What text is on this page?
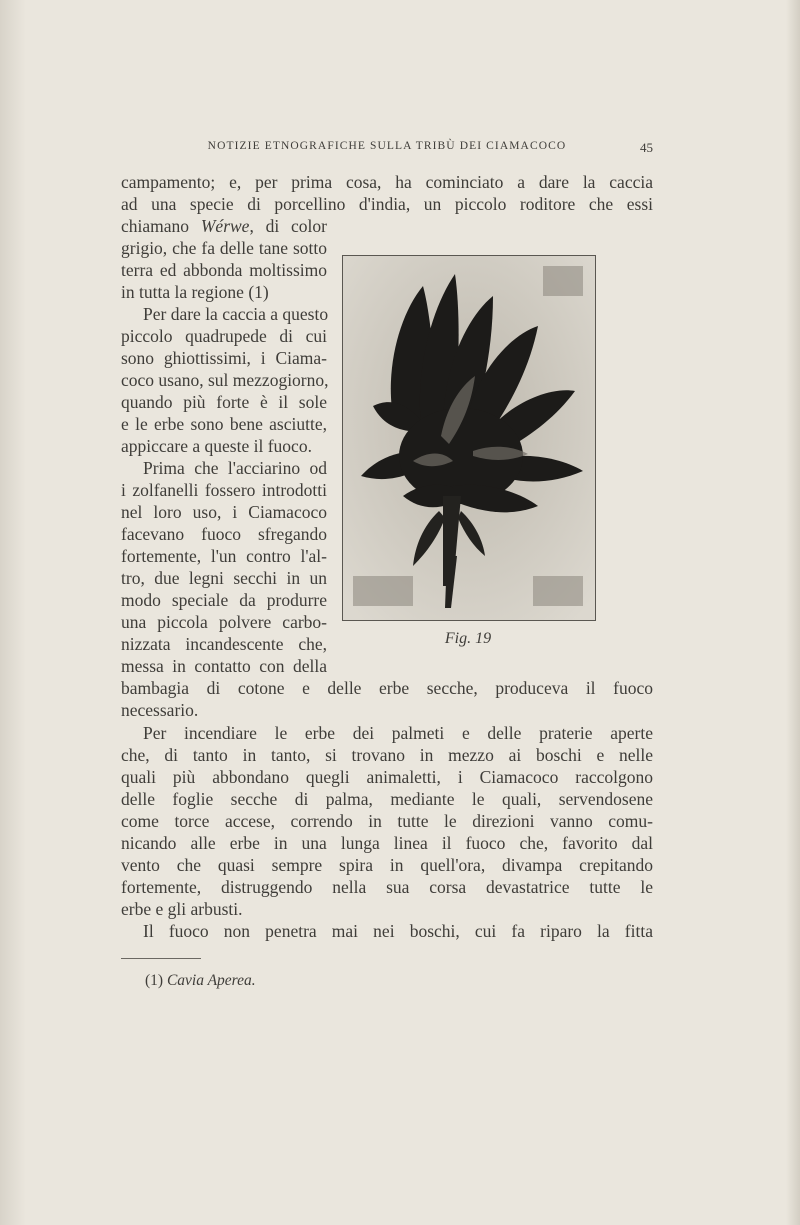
NOTIZIE ETNOGRAFICHE SULLA TRIBÙ DEI CIAMACOCO	45
campamento; e, per prima cosa, ha cominciato a dare la caccia
ad una specie di porcellino d'india, un piccolo roditore che essi
chiamano Wérwe, di color
grigio, che fa delle tane sotto
terra ed abbonda moltissimo
in tutta la regione (1)
Per dare la caccia a questo
piccolo quadrupede di cui
sono ghiottissimi, i Ciama-
coco usano, sul mezzogiorno,
quando più forte è il sole
e le erbe sono bene asciutte,
appiccare a queste il fuoco.
Prima che l'acciarino od
i zolfanelli fossero introdotti
nel loro uso, i Ciamacoco
facevano fuoco sfregando
fortemente, l'un contro l'al-
tro, due legni secchi in un
modo speciale da produrre
una piccola polvere carbo-
nizzata incandescente che,
messa in contatto con della
bambagia di cotone e delle erbe secche, produceva il fuoco
necessario.
Fig. 19
Per incendiare le erbe dei palmeti e delle praterie aperte
che, di tanto in tanto, si trovano in mezzo ai boschi e nelle
quali più abbondano quegli animaletti, i Ciamacoco raccolgono
delle foglie secche di palma, mediante le quali, servendosene
come torce accese, correndo in tutte le direzioni vanno comu-
nicando alle erbe in una lunga linea il fuoco che, favorito dal
vento che quasi sempre spira in quell'ora, divampa crepitando
fortemente, distruggendo nella sua corsa devastatrice tutte le
erbe e gli arbusti.
Il fuoco non penetra mai nei boschi, cui fa riparo la fitta
(1) Cavia Aperea.
